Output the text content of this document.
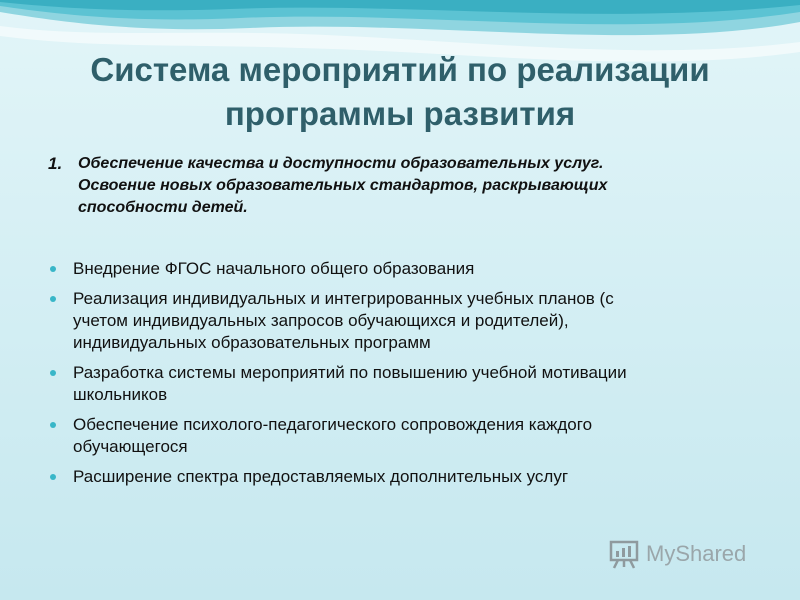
Система мероприятий по реализации
программы развития
1. Обеспечение качества и доступности образовательных услуг.
Освоение новых образовательных стандартов, раскрывающих
способности детей.
Внедрение ФГОС начального общего образования
Реализация индивидуальных и интегрированных учебных планов (с
учетом индивидуальных запросов обучающихся и родителей),
индивидуальных образовательных программ
Разработка системы мероприятий по повышению учебной мотивации
школьников
Обеспечение психолого-педагогического сопровождения каждого
обучающегося
Расширение спектра предоставляемых дополнительных услуг
MyShared
